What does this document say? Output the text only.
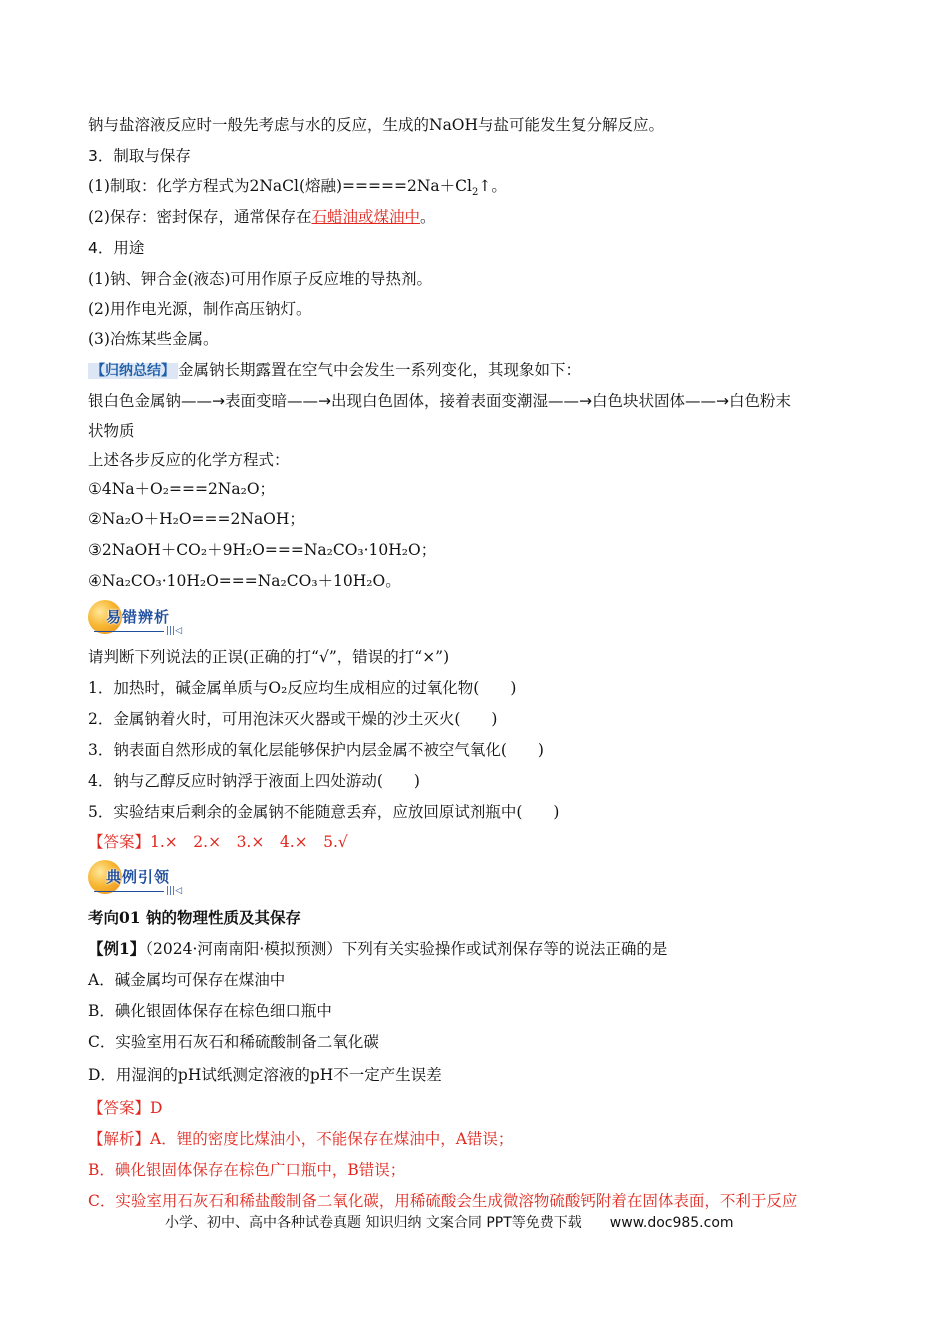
钠与盐溶液反应时一般先考虑与水的反应，生成的NaOH与盐可能发生复分解反应。
3．制取与保存
(1)制取：化学方程式为2NaCl(熔融)$=====2Na+Cl_2↑$。
(2)保存：密封保存，通常保存在石蜡油或煤油中。
4．用途
(1)钠、钾合金(液态)可用作原子反应堆的导热剂。
(2)用作电光源，制作高压钠灯。
(3)冶炼某些金属。
【归纳总结】 金属钠长期露置在空气中会发生一系列变化，其现象如下：
银白色金属钠——→表面变暗——→出现白色固体，接着表面变潮湿——→白色块状固体——→白色粉末
状物质
上述各步反应的化学方程式：
①4Na＋O₂===2Na₂O；
②Na₂O＋H₂O===2NaOH；
③2NaOH＋CO₂＋9H₂O===Na₂CO₃·10H₂O；
④Na₂CO₃·10H₂O===Na₂CO₃＋10H₂O。
易错辨析
|||◁
请判断下列说法的正误(正确的打“√”，错误的打“×”)
1．加热时，碱金属单质与O₂反应均生成相应的过氧化物(　　)
2．金属钠着火时，可用泡沫灭火器或干燥的沙土灭火(　　)
3．钠表面自然形成的氧化层能够保护内层金属不被空气氧化(　　)
4．钠与乙醇反应时钠浮于液面上四处游动(　　)
5．实验结束后剩余的金属钠不能随意丢弃，应放回原试剂瓶中(　　)
【答案】1.×　2.×　3.×　4.×　5.√
典例引领
|||◁
考向01 钠的物理性质及其保存
【例1】（2024·河南南阳·模拟预测）下列有关实验操作或试剂保存等的说法正确的是
A．碱金属均可保存在煤油中
B．碘化银固体保存在棕色细口瓶中
C．实验室用石灰石和稀硫酸制备二氧化碳
D．用湿润的pH试纸测定溶液的pH不一定产生误差
【答案】D
【解析】A．锂的密度比煤油小，不能保存在煤油中，A错误；
B．碘化银固体保存在棕色广口瓶中，B错误；
C．实验室用石灰石和稀盐酸制备二氧化碳，用稀硫酸会生成微溶物硫酸钙附着在固体表面，不利于反应
小学、初中、高中各种试卷真题 知识归纳 文案合同 PPT等免费下载 www.doc985.com
